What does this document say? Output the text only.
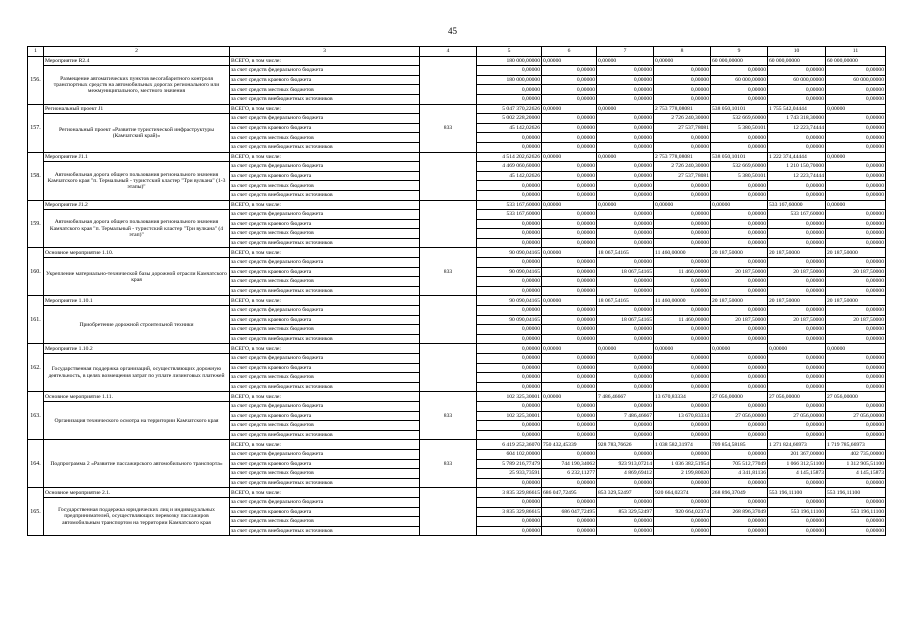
45
1	2	3	4	5	6	7	8	9	10	11
156.	Мероприятие R2.4	ВСЕГО, в том числе:		180 000,00000	0,00000	0,00000	0,00000	60 000,00000	60 000,00000	60 000,00000
	Размещение автоматических пунктов весогабаритного контроля транспортных средств на автомобильных дорогах регионального или межмуниципального, местного значения	за счет средств федерального бюджета		0,00000	0,00000	0,00000	0,00000	0,00000	0,00000	0,00000
		за счет средств краевого бюджета		180 000,00000	0,00000	0,00000	0,00000	60 000,00000	60 000,00000	60 000,00000
		за счет средств местных бюджетов		0,00000	0,00000	0,00000	0,00000	0,00000	0,00000	0,00000
		за счет средств внебюджетных источников		0,00000	0,00000	0,00000	0,00000	0,00000	0,00000	0,00000
157.	Региональный проект J1	ВСЕГО, в том числе:	833	5 047 370,22626	0,00000	0,00000	2 753 778,08081	538 050,10101	1 755 542,04444	0,00000
	Региональный проект «Развитие туристической инфраструктуры (Камчатский край)»	за счет средств федерального бюджета		5 002 228,20000	0,00000	0,00000	2 726 240,30000	532 669,60000	1 743 318,30000	0,00000
		за счет средств краевого бюджета		45 142,02626	0,00000	0,00000	27 537,78081	5 380,50101	12 223,74444	0,00000
		за счет средств местных бюджетов		0,00000	0,00000	0,00000	0,00000	0,00000	0,00000	0,00000
		за счет средств внебюджетных источников		0,00000	0,00000	0,00000	0,00000	0,00000	0,00000	0,00000
158.	Мероприятие J1.1	ВСЕГО, в том числе:		4 514 202,62626	0,00000	0,00000	2 753 778,08081	538 050,10101	1 222 374,44444	0,00000
	Автомобильная дорога общего пользования регионального значения Камчатского края "п. Термальный - туристский кластер "Три вулкана" (1-3 этапы)"	за счет средств федерального бюджета		4 469 060,60000	0,00000	0,00000	2 726 240,30000	532 669,60000	1 210 150,70000	0,00000
		за счет средств краевого бюджета		45 142,02626	0,00000	0,00000	27 537,78081	5 380,50101	12 223,74444	0,00000
		за счет средств местных бюджетов		0,00000	0,00000	0,00000	0,00000	0,00000	0,00000	0,00000
		за счет средств внебюджетных источников		0,00000	0,00000	0,00000	0,00000	0,00000	0,00000	0,00000
159.	Мероприятие J1.2	ВСЕГО, в том числе:		533 167,60000	0,00000	0,00000	0,00000	0,00000	533 167,60000	0,00000
	Автомобильная дорога общего пользования регионального значения Камчатского края "п. Термальный - туристский кластер "Три вулкана" (4 этап)"	за счет средств федерального бюджета		533 167,60000	0,00000	0,00000	0,00000	0,00000	533 167,60000	0,00000
		за счет средств краевого бюджета		0,00000	0,00000	0,00000	0,00000	0,00000	0,00000	0,00000
		за счет средств местных бюджетов		0,00000	0,00000	0,00000	0,00000	0,00000	0,00000	0,00000
		за счет средств внебюджетных источников		0,00000	0,00000	0,00000	0,00000	0,00000	0,00000	0,00000
160.	Основное мероприятие 1.10.	ВСЕГО, в том числе:	833	90 090,04165	0,00000	18 067,54165	11 460,00000	20 187,50000	20 187,50000	20 187,50000
	Укрепление материально-технической базы дорожной отрасли Камчатского края	за счет средств федерального бюджета		0,00000	0,00000	0,00000	0,00000	0,00000	0,00000	0,00000
		за счет средств краевого бюджета		90 090,04165	0,00000	18 067,54165	11 460,00000	20 187,50000	20 187,50000	20 187,50000
		за счет средств местных бюджетов		0,00000	0,00000	0,00000	0,00000	0,00000	0,00000	0,00000
		за счет средств внебюджетных источников		0,00000	0,00000	0,00000	0,00000	0,00000	0,00000	0,00000
161.	Мероприятие 1.10.1	ВСЕГО, в том числе:		90 090,04165	0,00000	18 067,54165	11 460,00000	20 187,50000	20 187,50000	20 187,50000
	Приобретение дорожной строительной техники	за счет средств федерального бюджета		0,00000	0,00000	0,00000	0,00000	0,00000	0,00000	0,00000
		за счет средств краевого бюджета		90 090,04165	0,00000	18 067,54165	11 460,00000	20 187,50000	20 187,50000	20 187,50000
		за счет средств местных бюджетов		0,00000	0,00000	0,00000	0,00000	0,00000	0,00000	0,00000
		за счет средств внебюджетных источников		0,00000	0,00000	0,00000	0,00000	0,00000	0,00000	0,00000
162.	Мероприятие 1.10.2	ВСЕГО, в том числе:		0,00000	0,00000	0,00000	0,00000	0,00000	0,00000	0,00000
	Государственная поддержка организаций, осуществляющих дорожную деятельность, в целях возмещения затрат по уплате лизинговых платежей	за счет средств федерального бюджета		0,00000	0,00000	0,00000	0,00000	0,00000	0,00000	0,00000
		за счет средств краевого бюджета		0,00000	0,00000	0,00000	0,00000	0,00000	0,00000	0,00000
		за счет средств местных бюджетов		0,00000	0,00000	0,00000	0,00000	0,00000	0,00000	0,00000
		за счет средств внебюджетных источников		0,00000	0,00000	0,00000	0,00000	0,00000	0,00000	0,00000
163.	Основное мероприятие 1.11.	ВСЕГО, в том числе:	833	102 325,30001	0,00000	7 486,46667	13 670,83334	27 056,00000	27 056,00000	27 056,00000
	Организация технического осмотра на территории Камчатского края	за счет средств федерального бюджета		0,00000	0,00000	0,00000	0,00000	0,00000	0,00000	0,00000
		за счет средств краевого бюджета		102 325,30001	0,00000	7 486,46667	13 670,83334	27 056,00000	27 056,00000	27 056,00000
		за счет средств местных бюджетов		0,00000	0,00000	0,00000	0,00000	0,00000	0,00000	0,00000
		за счет средств внебюджетных источников		0,00000	0,00000	0,00000	0,00000	0,00000	0,00000	0,00000
164.	Подпрограмма 2 «Развитие пассажирского автомобильного транспорта»	ВСЕГО, в том числе:	833	6 419 252,36070	750 432,45339	928 783,76626	1 038 582,31974	709 854,58185	1 271 824,66973	1 719 785,66973
		за счет средств федерального бюджета		604 102,00000	0,00000	0,00000	0,00000	0,00000	201 367,00000	402 735,00000
		за счет средств краевого бюджета		5 789 216,77479	744 190,34062	923 913,07214	1 036 382,51954	705 512,77049	1 066 312,51100	1 312 905,51100
		за счет средств местных бюджетов		25 933,73591	6 232,11277	4 869,69412	2 199,80020	4 341,81136	4 145,15873	4 145,15873
		за счет средств внебюджетных источников		0,00000	0,00000	0,00000	0,00000	0,00000	0,00000	0,00000
165.	Основное мероприятие 2.1.	ВСЕГО, в том числе:		3 835 329,86615	686 047,72495	853 329,52497	920 664,02374	268 896,37049	553 196,11100	553 196,11100
	Государственная поддержка юридических лиц и индивидуальных предпринимателей, осуществляющих перевозку пассажиров автомобильным транспортом на территории Камчатского края	за счет средств федерального бюджета		0,00000	0,00000	0,00000	0,00000	0,00000	0,00000	0,00000
		за счет средств краевого бюджета		3 835 329,86615	686 047,72495	853 329,52497	920 664,02374	268 896,37049	553 196,11100	553 196,11100
		за счет средств местных бюджетов		0,00000	0,00000	0,00000	0,00000	0,00000	0,00000	0,00000
		за счет средств внебюджетных источников		0,00000	0,00000	0,00000	0,00000	0,00000	0,00000	0,00000
